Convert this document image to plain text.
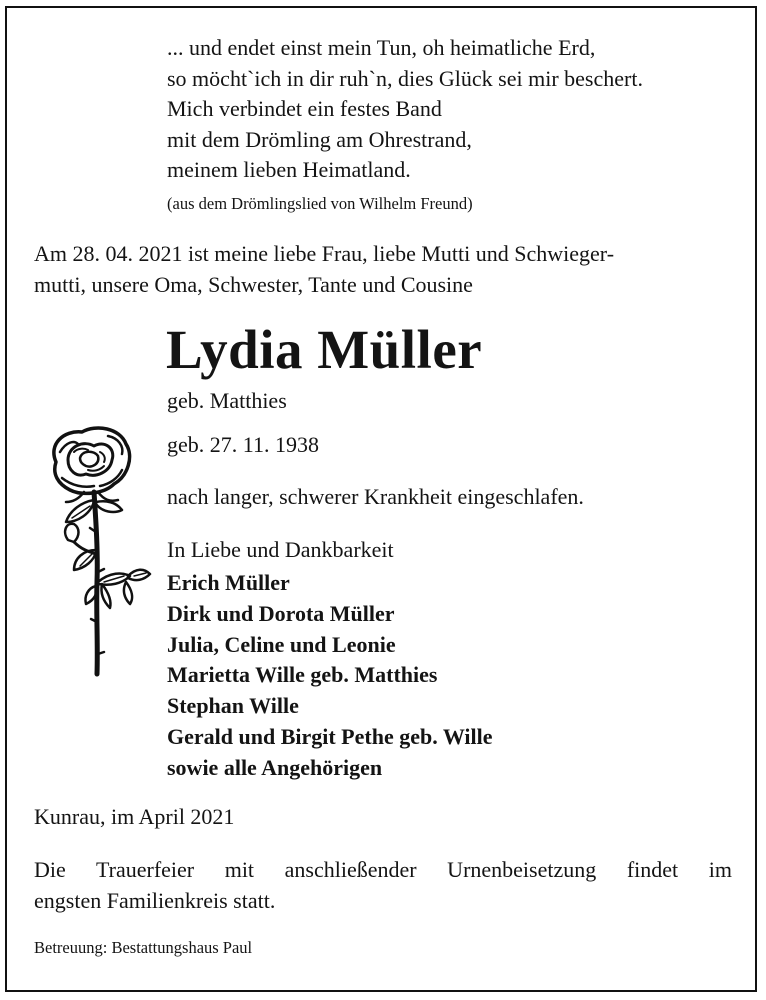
... und endet einst mein Tun, oh heimatliche Erd,
so möcht`ich in dir ruh`n, dies Glück sei mir beschert.
Mich verbindet ein festes Band
mit dem Drömling am Ohrestrand,
meinem lieben Heimatland.
(aus dem Drömlingslied von Wilhelm Freund)
Am 28. 04. 2021 ist meine liebe Frau, liebe Mutti und Schwieger-
mutti, unsere Oma, Schwester, Tante und Cousine
Lydia Müller
geb. Matthies
geb. 27. 11. 1938
nach langer, schwerer Krankheit eingeschlafen.
In Liebe und Dankbarkeit
Erich Müller
Dirk und Dorota Müller
Julia, Celine und Leonie
Marietta Wille geb. Matthies
Stephan Wille
Gerald und Birgit Pethe geb. Wille
sowie alle Angehörigen
Kunrau, im April 2021
Die Trauerfeier mit anschließender Urnenbeisetzung findet im
engsten Familienkreis statt.
Betreuung: Bestattungshaus Paul
